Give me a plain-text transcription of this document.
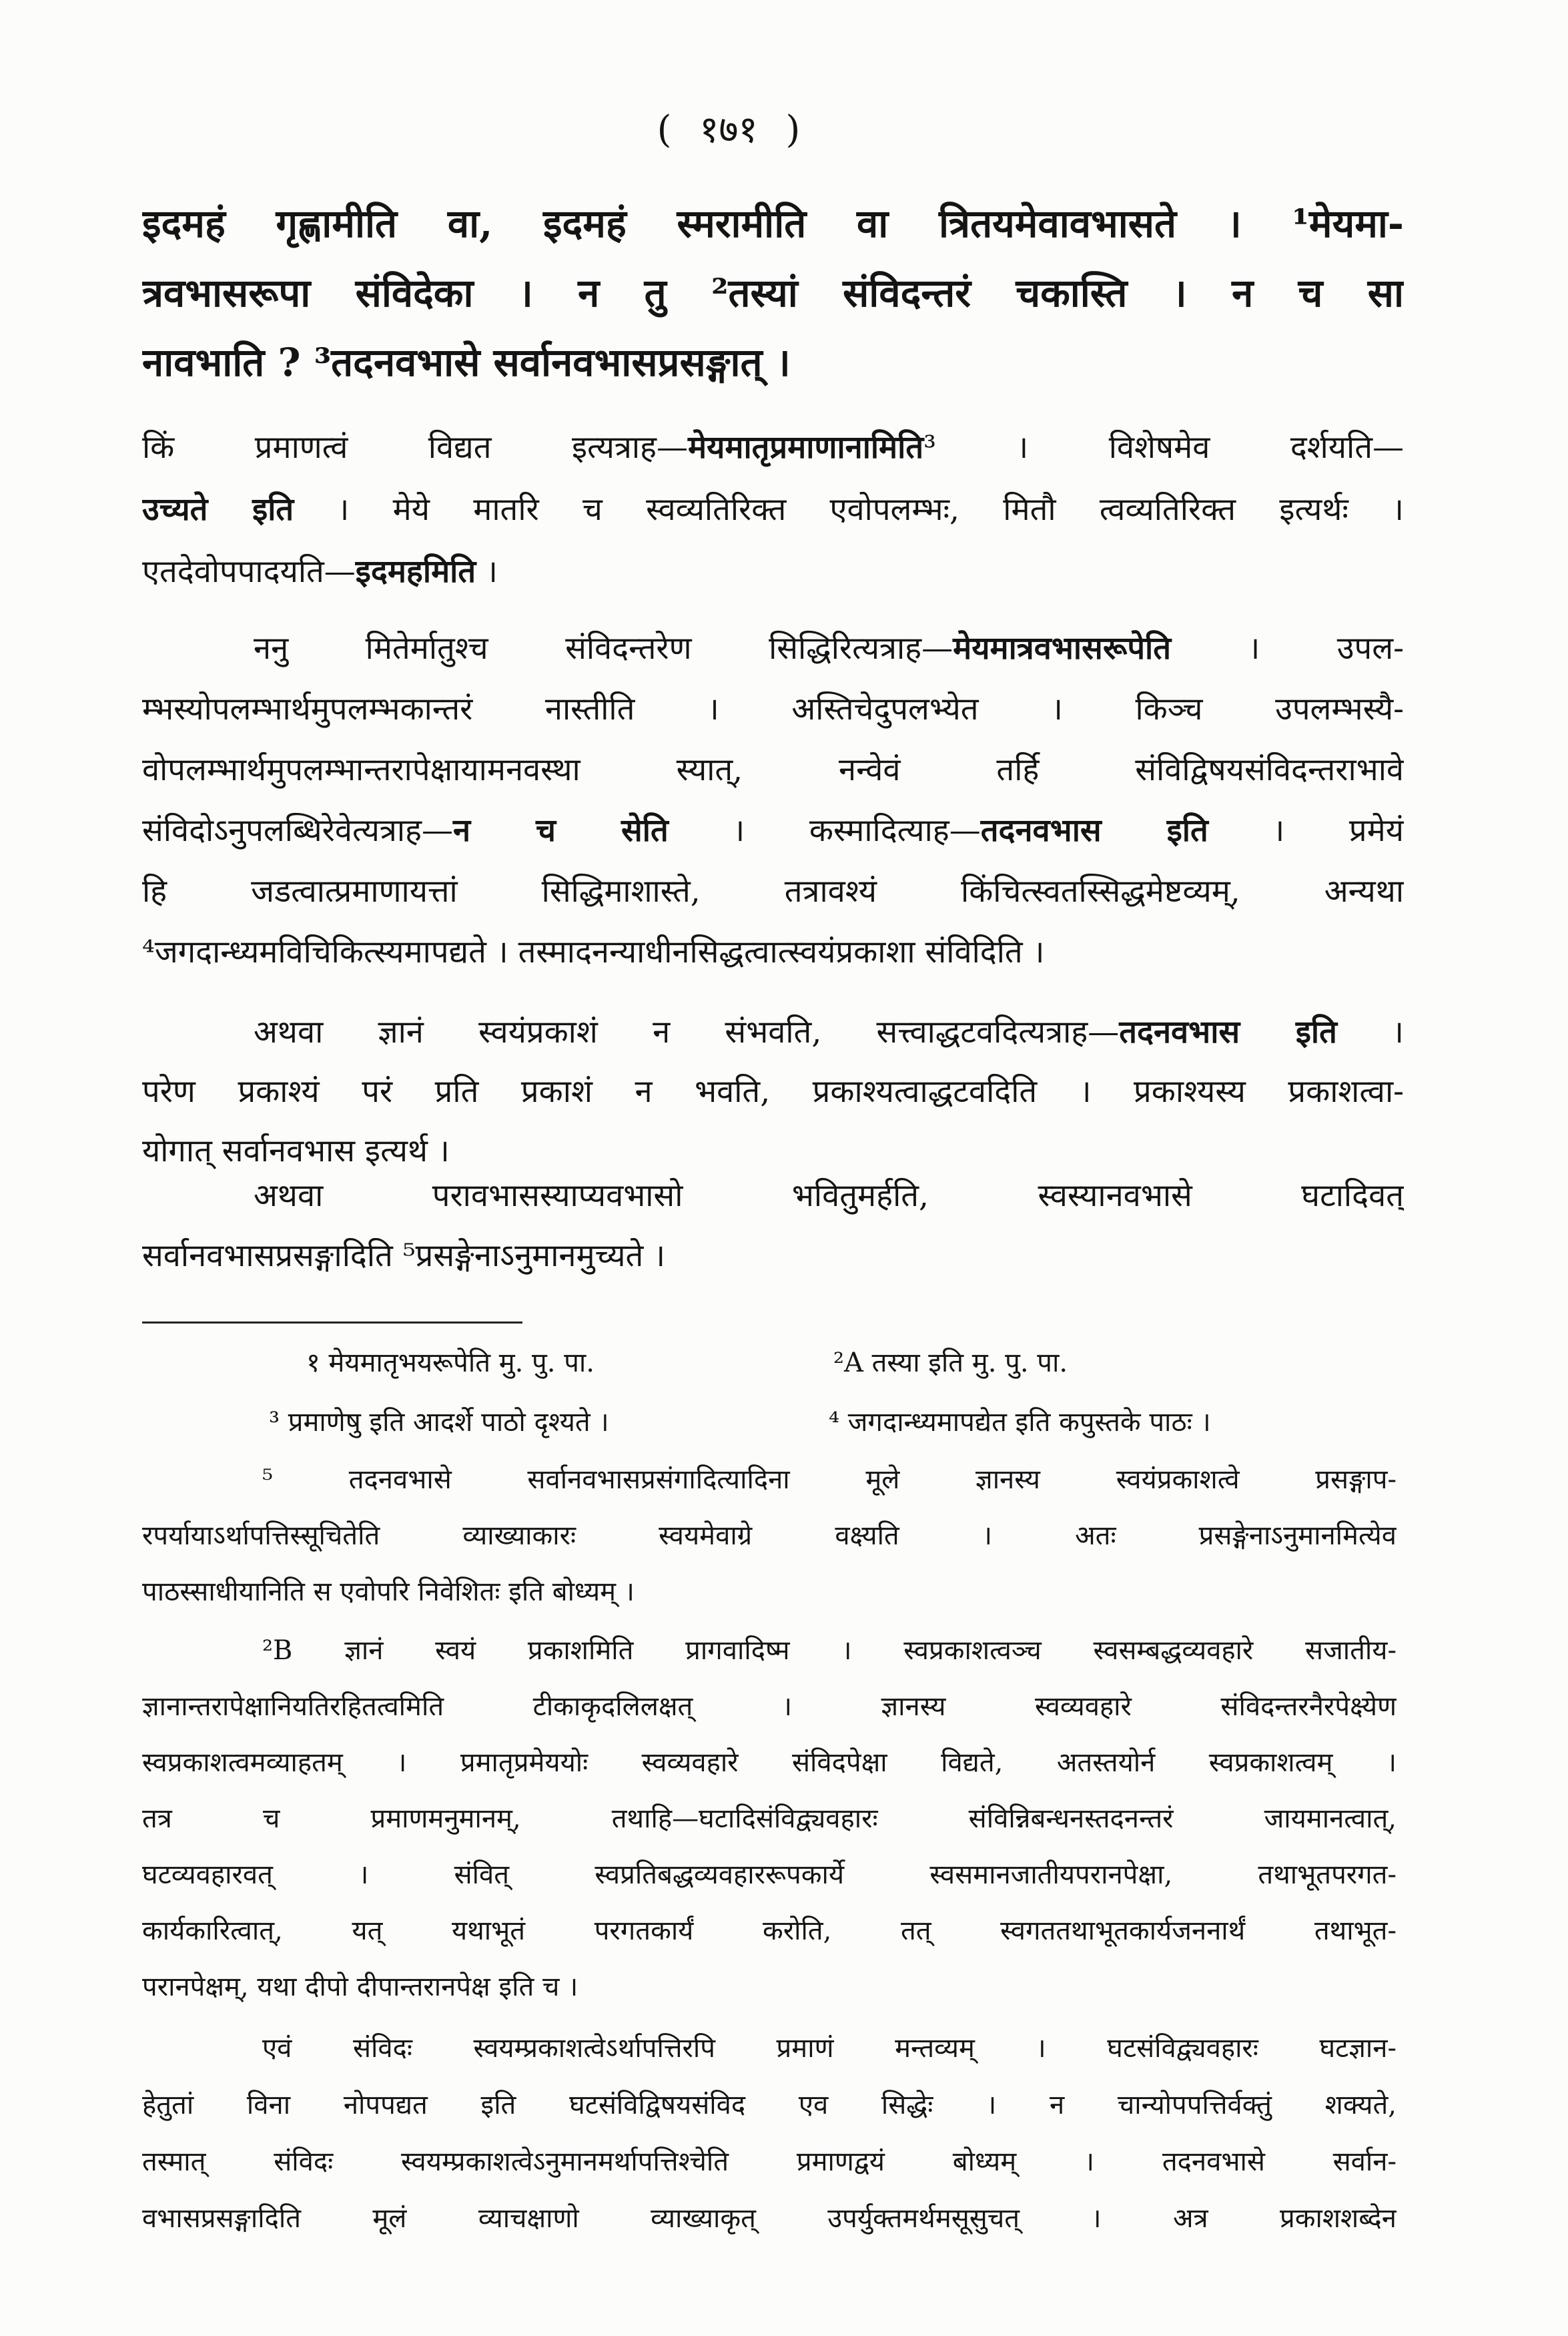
( १७१ )
१ मेयमातृभयरूपेति मु. पु. पा.	²A तस्या इति मु. पु. पा.
³ प्रमाणेषु इति आदर्शे पाठो दृश्यते ।	⁴ जगदान्ध्यमापद्येत इति कपुस्तके पाठः ।
इदमहं गृह्णामीति वा, इदमहं स्मरामीति वा त्रितयमेवावभासते । ¹मेयमा-
त्रवभासरूपा संविदेका । न तु ²तस्यां संविदन्तरं चकास्ति । न च सा
नावभाति ? ³तदनवभासे सर्वानवभासप्रसङ्गात् ।
किं प्रमाणत्वं विद्यत इत्यत्राह—मेयमातृप्रमाणानामिति³ । विशेषमेव दर्शयति—
उच्यते इति । मेये मातरि च स्वव्यतिरिक्त एवोपलम्भः, मितौ त्वव्यतिरिक्त इत्यर्थः ।
एतदेवोपपादयति—इदमहमिति ।
ननु मितेर्मातुश्च संविदन्तरेण सिद्धिरित्यत्राह—मेयमात्रवभासरूपेति । उपल-
म्भस्योपलम्भार्थमुपलम्भकान्तरं नास्तीति । अस्तिचेदुपलभ्येत । किञ्च उपलम्भस्यै-
वोपलम्भार्थमुपलम्भान्तरापेक्षायामनवस्था स्यात्, नन्वेवं तर्हि संविद्विषयसंविदन्तराभावे
संविदोऽनुपलब्धिरेवेत्यत्राह—न च सेति । कस्मादित्याह—तदनवभास इति । प्रमेयं
हि जडत्वात्प्रमाणायत्तां सिद्धिमाशास्ते, तत्रावश्यं किंचित्स्वतस्सिद्धमेष्टव्यम्, अन्यथा
⁴जगदान्ध्यमविचिकित्स्यमापद्यते । तस्मादनन्याधीनसिद्धत्वात्स्वयंप्रकाशा संविदिति ।
अथवा ज्ञानं स्वयंप्रकाशं न संभवति, सत्त्वाद्धटवदित्यत्राह—तदनवभास इति ।
परेण प्रकाश्यं परं प्रति प्रकाशं न भवति, प्रकाश्यत्वाद्धटवदिति । प्रकाश्यस्य प्रकाशत्वा-
योगात् सर्वानवभास इत्यर्थ ।
अथवा परावभासस्याप्यवभासो भवितुमर्हति, स्वस्यानवभासे घटादिवत्
सर्वानवभासप्रसङ्गादिति ⁵प्रसङ्गेनाऽनुमानमुच्यते ।
⁵ तदनवभासे सर्वानवभासप्रसंगादित्यादिना मूले ज्ञानस्य स्वयंप्रकाशत्वे प्रसङ्गाप-
रपर्यायाऽर्थापत्तिस्सूचितेति व्याख्याकारः स्वयमेवाग्रे वक्ष्यति । अतः प्रसङ्गेनाऽनुमानमित्येव
पाठस्साधीयानिति स एवोपरि निवेशितः इति बोध्यम् ।
²B ज्ञानं स्वयं प्रकाशमिति प्रागवादिष्म । स्वप्रकाशत्वञ्च स्वसम्बद्धव्यवहारे सजातीय-
ज्ञानान्तरापेक्षानियतिरहितत्वमिति टीकाकृदलिलक्षत् । ज्ञानस्य स्वव्यवहारे संविदन्तरनैरपेक्ष्येण
स्वप्रकाशत्वमव्याहतम् । प्रमातृप्रमेययोः स्वव्यवहारे संविदपेक्षा विद्यते, अतस्तयोर्न स्वप्रकाशत्वम् ।
तत्र च प्रमाणमनुमानम्, तथाहि—घटादिसंविद्व्यवहारः संविन्निबन्धनस्तदनन्तरं जायमानत्वात्,
घटव्यवहारवत् । संवित् स्वप्रतिबद्धव्यवहाररूपकार्ये स्वसमानजातीयपरानपेक्षा, तथाभूतपरगत-
कार्यकारित्वात्, यत् यथाभूतं परगतकार्यं करोति, तत् स्वगततथाभूतकार्यजननार्थं तथाभूत-
परानपेक्षम्, यथा दीपो दीपान्तरानपेक्ष इति च ।
एवं संविदः स्वयम्प्रकाशत्वेऽर्थापत्तिरपि प्रमाणं मन्तव्यम् । घटसंविद्व्यवहारः घटज्ञान-
हेतुतां विना नोपपद्यत इति घटसंविद्विषयसंविद एव सिद्धेः । न चान्योपपत्तिर्वक्तुं शक्यते,
तस्मात् संविदः स्वयम्प्रकाशत्वेऽनुमानमर्थापत्तिश्चेति प्रमाणद्वयं बोध्यम् । तदनवभासे सर्वान-
वभासप्रसङ्गादिति मूलं व्याचक्षाणो व्याख्याकृत् उपर्युक्तमर्थमसूसुचत् । अत्र प्रकाशशब्देन
